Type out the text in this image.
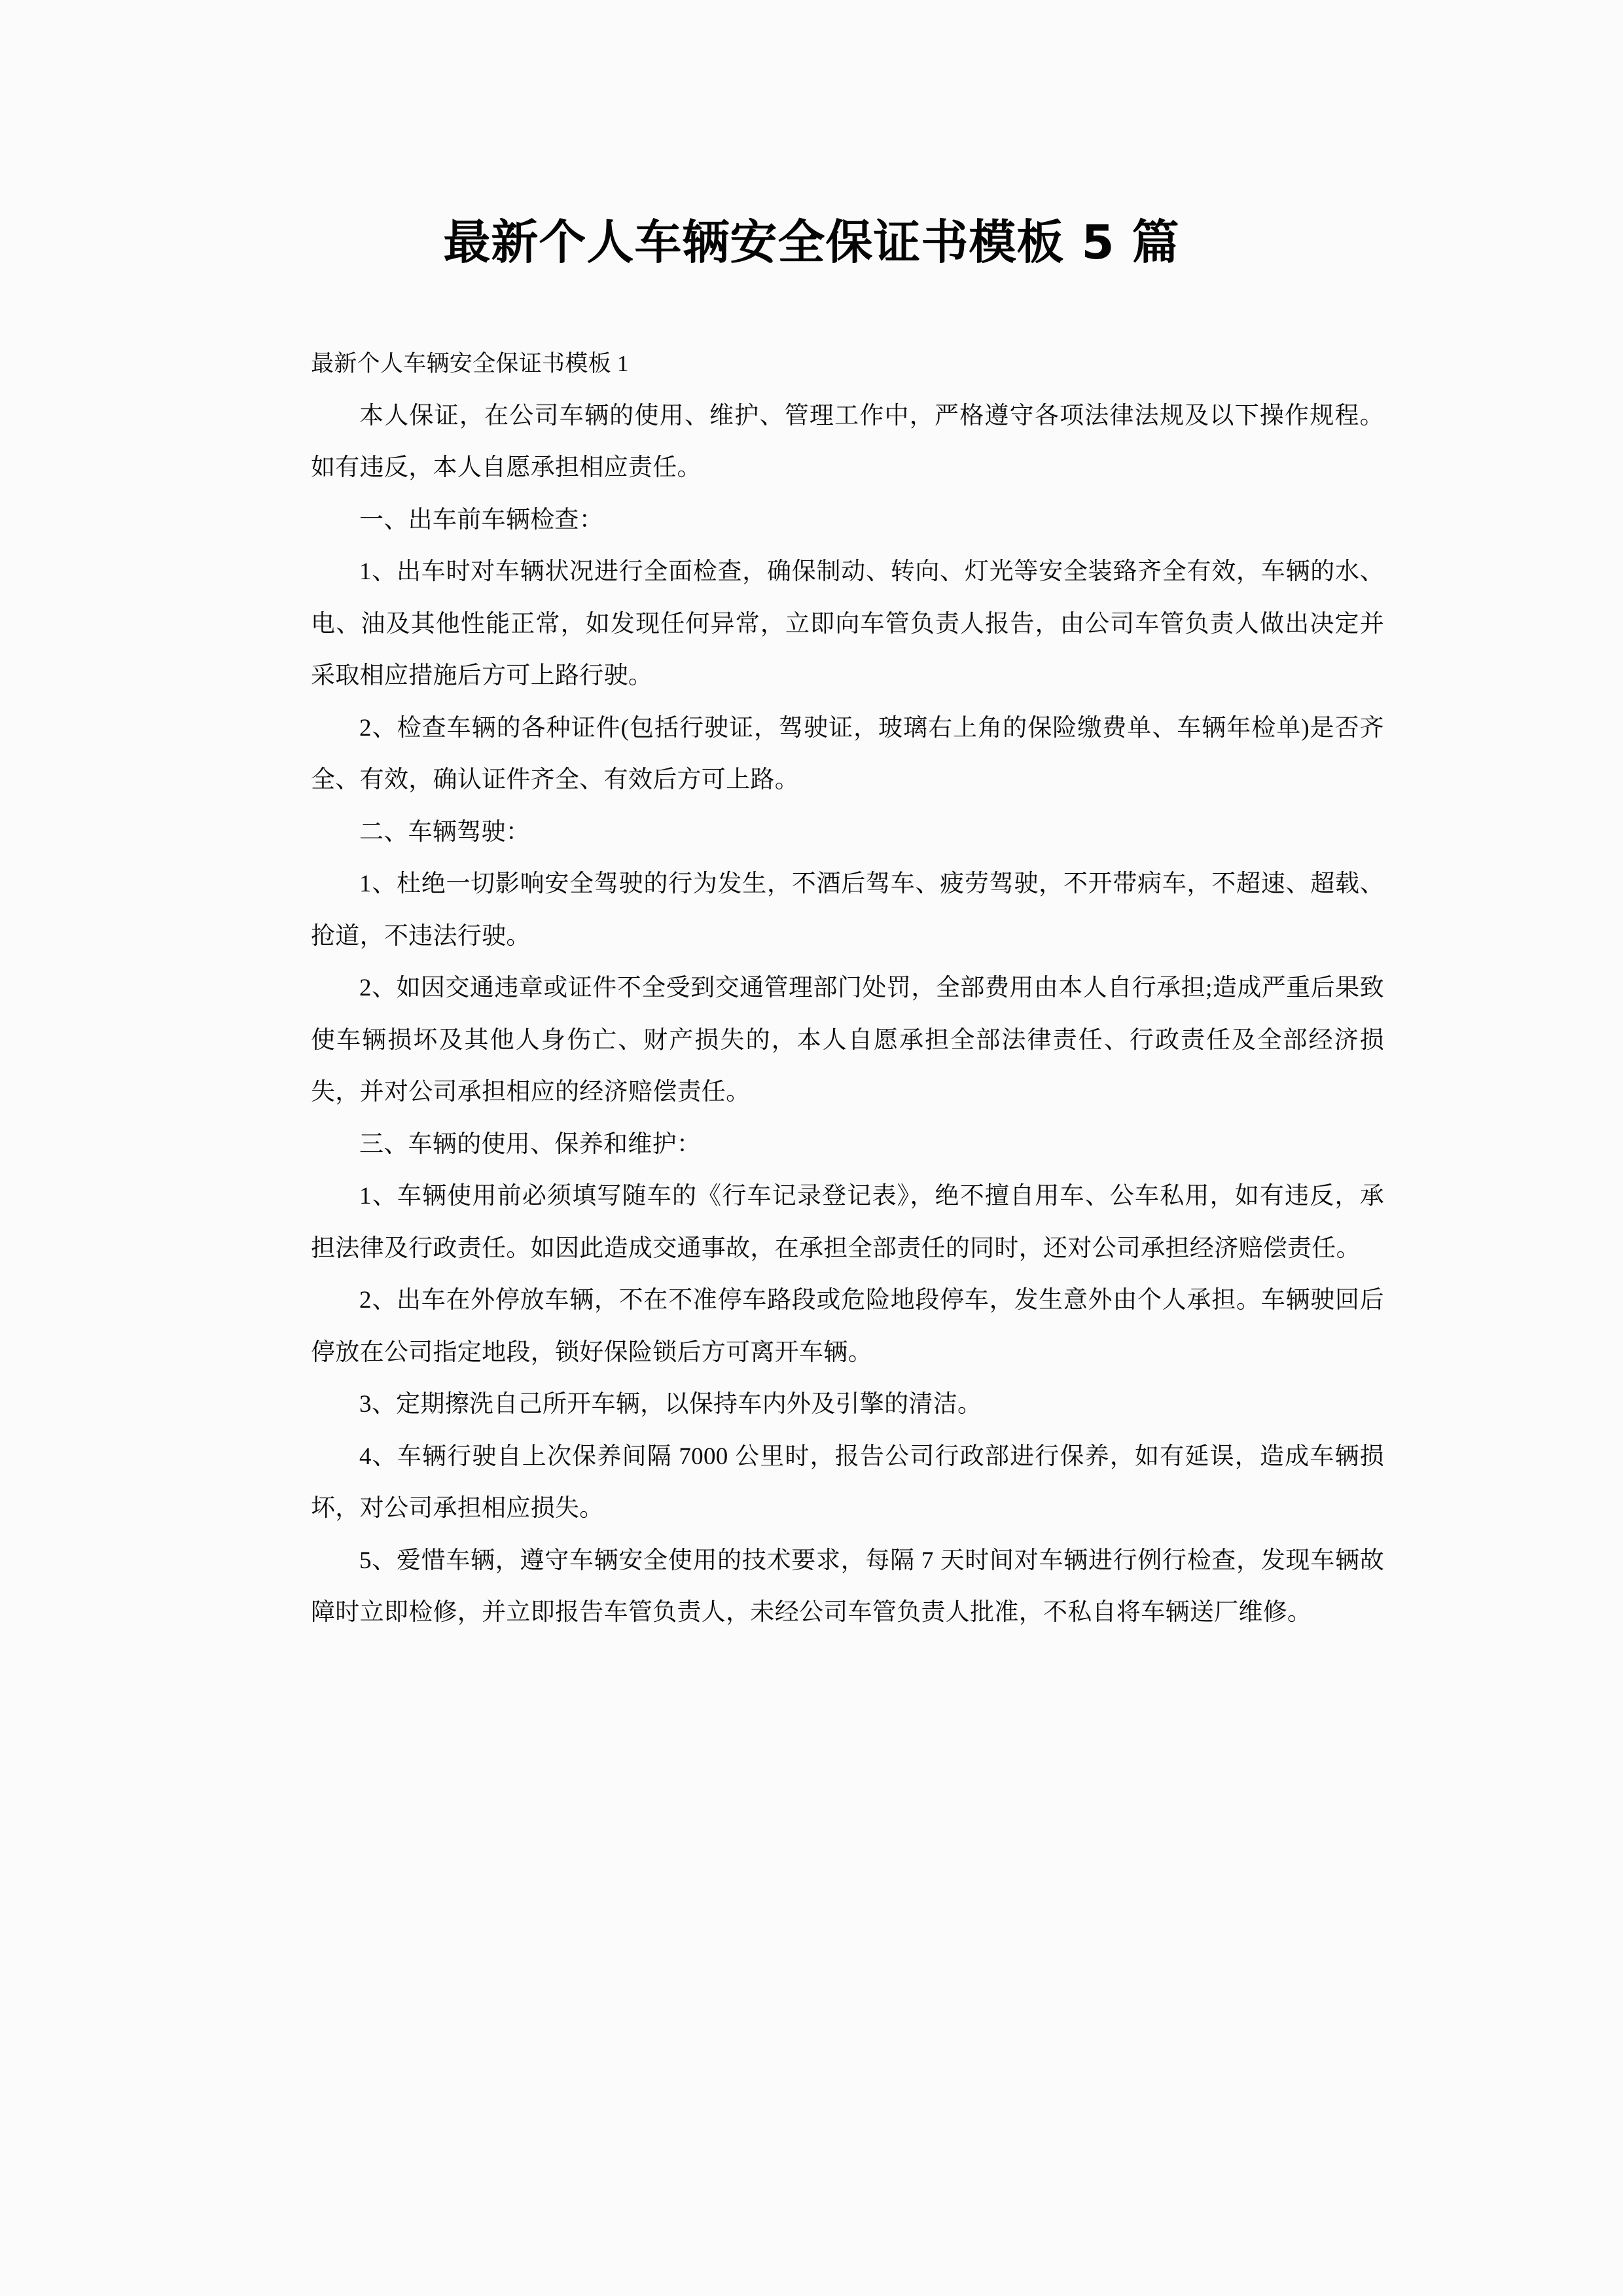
最新个人车辆安全保证书模板 5 篇

最新个人车辆安全保证书模板 1

本人保证，在公司车辆的使用、维护、管理工作中，严格遵守各项法律法规及以下操作规程。如有违反，本人自愿承担相应责任。

一、出车前车辆检查：

1、出车时对车辆状况进行全面检查，确保制动、转向、灯光等安全装臵齐全有效，车辆的水、电、油及其他性能正常，如发现任何异常，立即向车管负责人报告，由公司车管负责人做出决定并采取相应措施后方可上路行驶。

2、检查车辆的各种证件(包括行驶证，驾驶证，玻璃右上角的保险缴费单、车辆年检单)是否齐全、有效，确认证件齐全、有效后方可上路。

二、车辆驾驶：

1、杜绝一切影响安全驾驶的行为发生，不酒后驾车、疲劳驾驶，不开带病车，不超速、超载、抢道，不违法行驶。

2、如因交通违章或证件不全受到交通管理部门处罚，全部费用由本人自行承担;造成严重后果致使车辆损坏及其他人身伤亡、财产损失的，本人自愿承担全部法律责任、行政责任及全部经济损失，并对公司承担相应的经济赔偿责任。

三、车辆的使用、保养和维护：

1、车辆使用前必须填写随车的《行车记录登记表》，绝不擅自用车、公车私用，如有违反，承担法律及行政责任。如因此造成交通事故，在承担全部责任的同时，还对公司承担经济赔偿责任。

2、出车在外停放车辆，不在不准停车路段或危险地段停车，发生意外由个人承担。车辆驶回后停放在公司指定地段，锁好保险锁后方可离开车辆。

3、定期擦洗自己所开车辆，以保持车内外及引擎的清洁。

4、车辆行驶自上次保养间隔 7000 公里时，报告公司行政部进行保养，如有延误，造成车辆损坏，对公司承担相应损失。

5、爱惜车辆，遵守车辆安全使用的技术要求，每隔 7 天时间对车辆进行例行检查，发现车辆故障时立即检修，并立即报告车管负责人，未经公司车管负责人批准，不私自将车辆送厂维修。
